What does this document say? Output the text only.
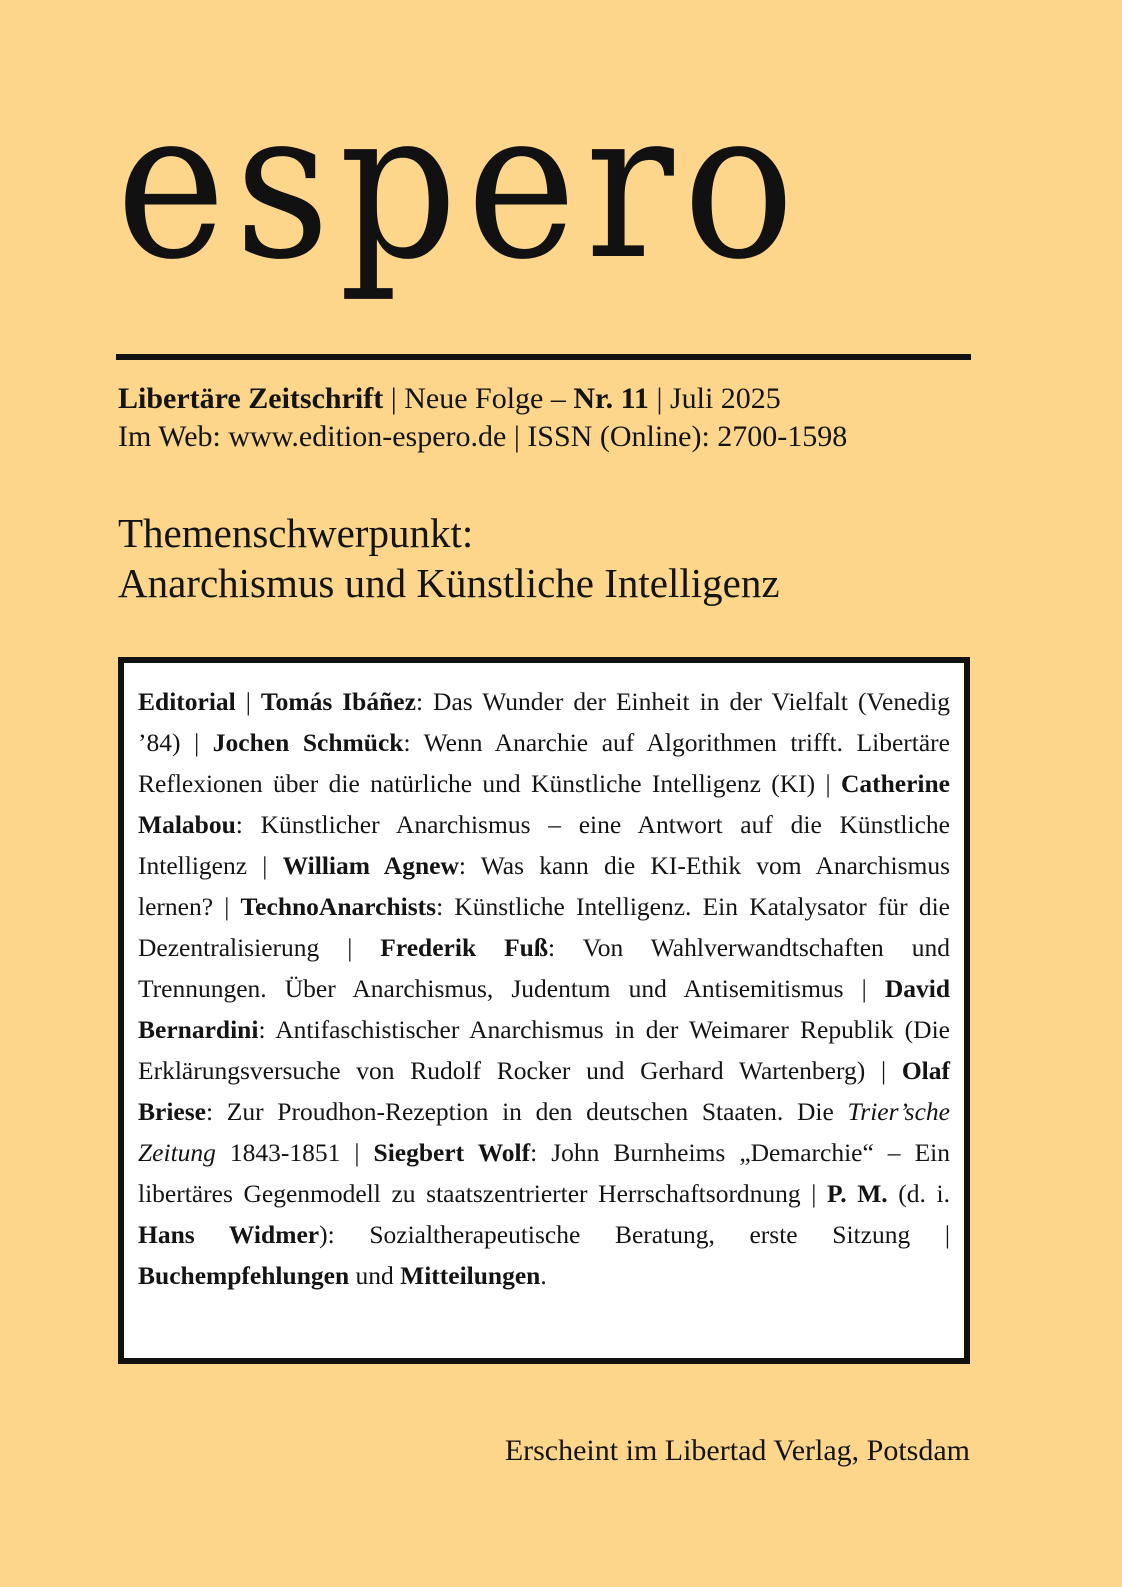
espero
Libertäre Zeitschrift | Neue Folge – Nr. 11 | Juli 2025
Im Web: www.edition-espero.de | ISSN (Online): 2700-1598
Themenschwerpunkt:
Anarchismus und Künstliche Intelligenz
Editorial | Tomás Ibáñez: Das Wunder der Einheit in der Vielfalt (Venedig ’84) | Jochen Schmück: Wenn Anarchie auf Algorithmen trifft. Libertäre Reflexionen über die natürliche und Künstliche Intelligenz (KI) | Catherine Malabou: Künstlicher Anarchismus – eine Antwort auf die Künstliche Intelligenz | William Agnew: Was kann die KI-Ethik vom Anarchismus lernen? | TechnoAnarchists: Künstliche Intelligenz. Ein Katalysator für die Dezentralisierung | Frederik Fuß: Von Wahlverwandtschaften und Trennungen. Über Anarchismus, Judentum und Antisemitismus | David Bernardini: Antifaschistischer Anarchismus in der Weimarer Republik (Die Erklärungsversuche von Rudolf Rocker und Gerhard Wartenberg) | Olaf Briese: Zur Proudhon-Rezeption in den deutschen Staaten. Die Trier’sche Zeitung 1843-1851 | Siegbert Wolf: John Burnheims „Demarchie“ – Ein libertäres Gegenmodell zu staatszentrierter Herrschaftsordnung | P. M. (d. i. Hans Widmer): Sozialtherapeutische Beratung, erste Sitzung | Buchempfehlungen und Mitteilungen.
Erscheint im Libertad Verlag, Potsdam
